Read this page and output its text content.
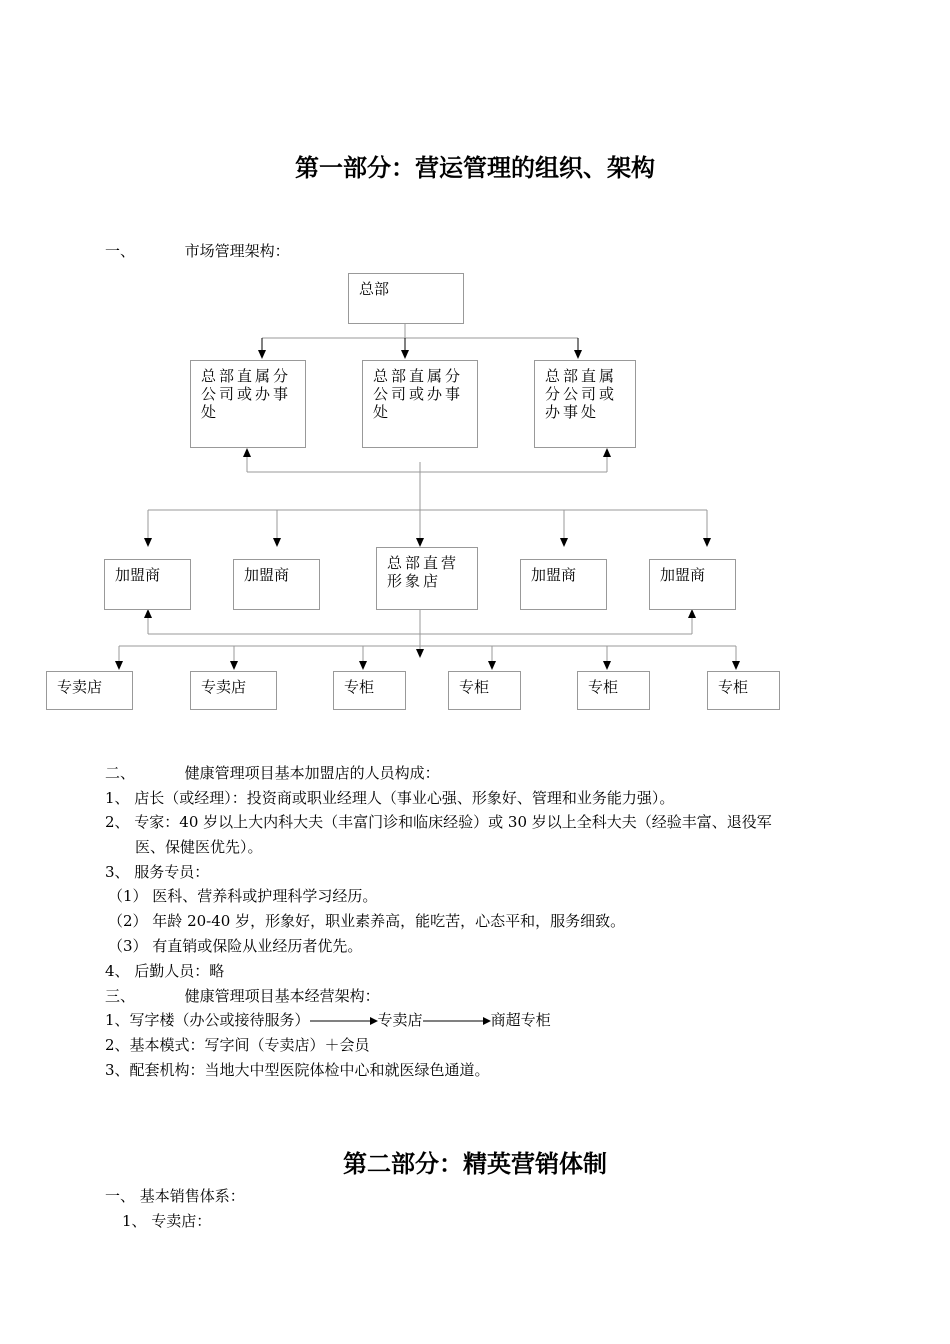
第一部分：营运管理的组织、架构
一、	市场管理架构：
总部
总部直属分公司或办事处
总部直属分公司或办事处
总部直属分公司或办事处
加盟商	加盟商
总部直营形象店	加盟商	加盟商
专卖店	专卖店	专柜	专柜	专柜	专柜
二、	健康管理项目基本加盟店的人员构成：
1、 店长（或经理）：投资商或职业经理人（事业心强、形象好、管理和业务能力强）。
2、 专家：40 岁以上大内科大夫（丰富门诊和临床经验）或 30 岁以上全科大夫（经验丰富、退役军
医、保健医优先）。
3、 服务专员：
（1） 医科、营养科或护理科学习经历。
（2） 年龄 20-40 岁，形象好，职业素养高，能吃苦，心态平和，服务细致。
（3） 有直销或保险从业经历者优先。
4、 后勤人员：略
三、	健康管理项目基本经营架构：
1、写字楼（办公或接待服务）	专卖店	商超专柜
2、基本模式：写字间（专卖店）＋会员
3、配套机构：当地大中型医院体检中心和就医绿色通道。
第二部分：精英营销体制
一、 基本销售体系：
1、 专卖店：
